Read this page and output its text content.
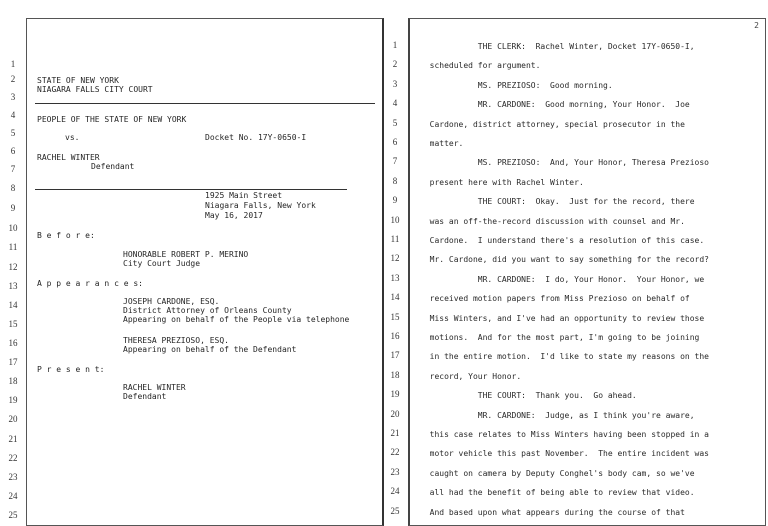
1
2
3
4
5
6
7
8
9
10
11
12
13
14
15
16
17
18
19
20
21
22
23
24
25
STATE OF NEW YORK
NIAGARA FALLS CITY COURT
PEOPLE OF THE STATE OF NEW YORK
vs.	Docket No. 17Y-0650-I
RACHEL WINTER
Defendant
1925 Main Street
Niagara Falls, New York
May 16, 2017
B e f o r e:
HONORABLE ROBERT P. MERINO
City Court Judge
A p p e a r a n c e s:
JOSEPH CARDONE, ESQ.
District Attorney of Orleans County
Appearing on behalf of the People via telephone
THERESA PREZIOSO, ESQ.
Appearing on behalf of the Defendant
P r e s e n t:
RACHEL WINTER
Defendant
1
2
3
4
5
6
7
8
9
10
11
12
13
14
15
16
17
18
19
20
21
22
23
24
25
2
THE CLERK:  Rachel Winter, Docket 17Y-0650-I,
scheduled for argument.
MS. PREZIOSO:  Good morning.
MR. CARDONE:  Good morning, Your Honor.  Joe
Cardone, district attorney, special prosecutor in the
matter.
MS. PREZIOSO:  And, Your Honor, Theresa Prezioso
present here with Rachel Winter.
THE COURT:  Okay.  Just for the record, there
was an off-the-record discussion with counsel and Mr.
Cardone.  I understand there's a resolution of this case.
Mr. Cardone, did you want to say something for the record?
MR. CARDONE:  I do, Your Honor.  Your Honor, we
received motion papers from Miss Prezioso on behalf of
Miss Winters, and I've had an opportunity to review those
motions.  And for the most part, I'm going to be joining
in the entire motion.  I'd like to state my reasons on the
record, Your Honor.
THE COURT:  Thank you.  Go ahead.
MR. CARDONE:  Judge, as I think you're aware,
this case relates to Miss Winters having been stopped in a
motor vehicle this past November.  The entire incident was
caught on camera by Deputy Conghel's body cam, so we've
all had the benefit of being able to review that video.
And based upon what appears during the course of that
